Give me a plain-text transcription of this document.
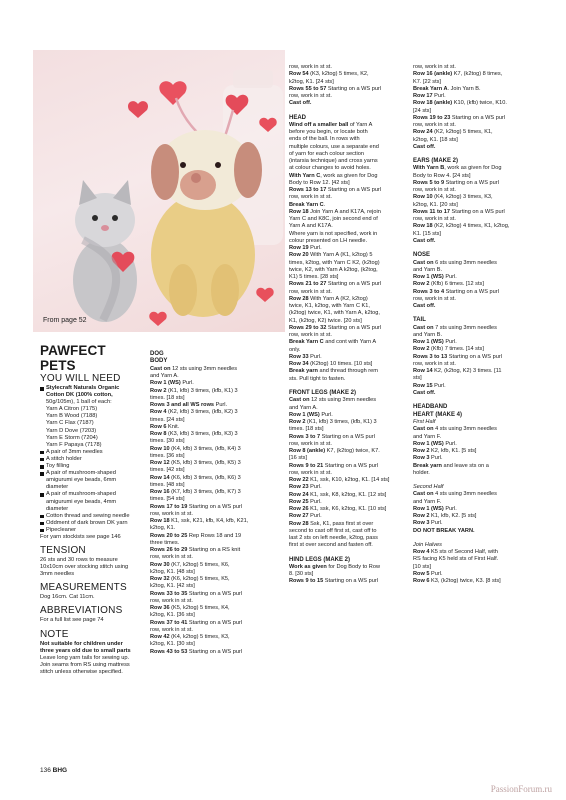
From page 52
PAWFECT PETS
YOU WILL NEED

Stylecraft Naturals Organic

Cotton DK (100% cotton,

50g/105m), 1 ball of each:

Yarn A Citron (7175)

Yarn B Wood (7188)

Yarn C Flax (7187)

Yarn D Dove (7203)

Yarn E Storm (7204)

Yarn F Papaya (7178)

A pair of 3mm needles

A stitch holder

Toy filling

A pair of mushroom-shaped

amigurumi eye beads, 6mm

diameter

A pair of mushroom-shaped

amigurumi eye beads, 4mm

diameter

Cotton thread and sewing needle

Oddment of dark brown DK yarn

Pipecleaner

For yarn stockists see page 146

TENSION

26 sts and 30 rows to measure

10x10cm over stocking stitch using

3mm needles

MEASUREMENTS

Dog 16cm. Cat 11cm.

ABBREVIATIONS

For a full list see page 74

NOTE

Not suitable for children under

three years old due to small parts

Leave long yarn tails for sewing up.

Join seams from RS using mattress

stitch unless otherwise specified.

DOG

BODY

Cast on 12 sts using 3mm needles

and Yarn A.

Row 1 (WS) Purl.

Row 2 (K1, kfb) 3 times, (kfb, K1) 3

times. [18 sts]

Rows 3 and all WS rows Purl.

Row 4 (K2, kfb) 3 times, (kfb, K2) 3

times. [24 sts]

Row 6 Knit.

Row 8 (K3, kfb) 3 times, (kfb, K3) 3

times. [30 sts]

Row 10 (K4, kfb) 3 times, (kfb, K4) 3

times. [36 sts]

Row 12 (K5, kfb) 3 times, (kfb, K5) 3

times. [42 sts]

Row 14 (K6, kfb) 3 times, (kfb, K6) 3

times. [48 sts]

Row 16 (K7, kfb) 3 times, (kfb, K7) 3

times. [54 sts]

Rows 17 to 19 Starting on a WS purl

row, work in st st.

Row 18 K1, ssk, K21, kfb, K4, kfb, K21,

k2tog, K1.

Rows 20 to 25 Rep Rows 18 and 19

three times.

Rows 26 to 29 Starting on a RS knit

row, work in st st.

Row 30 (K7, k2tog) 5 times, K6,

k2tog, K1. [48 sts]

Row 32 (K6, k2tog) 5 times, K5,

k2tog, K1. [42 sts]

Rows 33 to 35 Starting on a WS purl

row, work in st st.

Row 36 (K5, k2tog) 5 times, K4,

k2tog, K1. [36 sts]

Rows 37 to 41 Starting on a WS purl

row, work in st st.

Row 42 (K4, k2tog) 5 times, K3,

k2tog, K1. [30 sts]

Rows 43 to 53 Starting on a WS purl

row, work in st st.

Row 54 (K3, k2tog) 5 times, K2,

k2tog, K1. [24 sts]

Rows 55 to 57 Starting on a WS purl

row, work in st st.

Cast off.

HEAD

Wind off a smaller ball of Yarn A

before you begin, or locate both

ends of the ball. In rows with

multiple colours, use a separate end

of yarn for each colour section

(intarsia technique) and cross yarns

at colour changes to avoid holes.

With Yarn C, work as given for Dog

Body to Row 12. [42 sts]

Rows 13 to 17 Starting on a WS purl

row, work in st st.

Break Yarn C.

Row 18 Join Yarn A and K17A, rejoin

Yarn C and K8C, join second end of

Yarn A and K17A.

Where yarn is not specified, work in

colour presented on LH needle.

Row 19 Purl.

Row 20 With Yarn A (K1, k2tog) 5

times, k2tog, with Yarn C K2, (k2tog)

twice, K2, with Yarn A k2tog, (k2tog,

K1) 5 times. [28 sts]

Rows 21 to 27 Starting on a WS purl

row, work in st st.

Row 28 With Yarn A (K2, k2tog)

twice, K1, k2tog, with Yarn C K1,

(k2tog) twice, K1, with Yarn A, k2tog,

K1, (k2tog, K2) twice. [20 sts]

Rows 29 to 32 Starting on a WS purl

row, work in st st.

Break Yarn C and cont with Yarn A

only.

Row 33 Purl.

Row 34 (K2tog) 10 times. [10 sts]

Break yarn and thread through rem

sts. Pull tight to fasten.

FRONT LEGS (MAKE 2)

Cast on 12 sts using 3mm needles

and Yarn A.

Row 1 (WS) Purl.

Row 2 (K1, kfb) 3 times, (kfb, K1) 3

times. [18 sts]

Rows 3 to 7 Starting on a WS purl

row, work in st st.

Row 8 (ankle) K7, (k2tog) twice, K7.

[16 sts]

Rows 9 to 21 Starting on a WS purl

row, work in st st.

Row 22 K1, ssk, K10, k2tog, K1. [14 sts]

Row 23 Purl.

Row 24 K1, ssk, K8, k2tog, K1. [12 sts]

Row 25 Purl.

Row 26 K1, ssk, K6, k2tog, K1. [10 sts]

Row 27 Purl.

Row 28 Ssk, K1, pass first st over

second to cast off first st, cast off to

last 2 sts on left needle, k2tog, pass

first st over second and fasten off.

HIND LEGS (MAKE 2)

Work as given for Dog Body to Row

8. [30 sts]

Rows 9 to 15 Starting on a WS purl

row, work in st st.

Row 16 (ankle) K7, (k2tog) 8 times,

K7. [22 sts]

Break Yarn A. Join Yarn B.

Row 17 Purl.

Row 18 (ankle) K10, (kfb) twice, K10.

[24 sts]

Rows 19 to 23 Starting on a WS purl

row, work in st st.

Row 24 (K2, k2tog) 5 times, K1,

k2tog, K1. [18 sts]

Cast off.

EARS (MAKE 2)

With Yarn B, work as given for Dog

Body to Row 4. [24 sts]

Rows 5 to 9 Starting on a WS purl

row, work in st st.

Row 10 (K4, k2tog) 3 times, K3,

k2tog, K1. [20 sts]

Rows 11 to 17 Starting on a WS purl

row, work in st st.

Row 18 (K2, k2tog) 4 times, K1, k2tog,

K1. [15 sts]

Cast off.

NOSE

Cast on 6 sts using 3mm needles

and Yarn B.

Row 1 (WS) Purl.

Row 2 (Kfb) 6 times. [12 sts]

Rows 3 to 4 Starting on a WS purl

row, work in st st.

Cast off.

TAIL

Cast on 7 sts using 3mm needles

and Yarn B.

Row 1 (WS) Purl.

Row 2 (Kfb) 7 times. [14 sts]

Rows 3 to 13 Starting on a WS purl

row, work in st st.

Row 14 K2, (k2tog, K2) 3 times. [11

sts]

Row 15 Purl.

Cast off.

HEADBAND

HEART (MAKE 4)

First Half

Cast on 4 sts using 3mm needles

and Yarn F.

Row 1 (WS) Purl.

Row 2 K2, kfb, K1. [5 sts]

Row 3 Purl.

Break yarn and leave sts on a

holder.

Second Half

Cast on 4 sts using 3mm needles

and Yarn F.

Row 1 (WS) Purl.

Row 2 K1, kfb, K2. [5 sts]

Row 3 Purl.

DO NOT BREAK YARN.

Join Halves

Row 4 K5 sts of Second Half, with

RS facing K5 held sts of First Half.

[10 sts]

Row 5 Purl.

Row 6 K3, (k2tog) twice, K3. [8 sts]

136 BHG
PassionForum.ru
